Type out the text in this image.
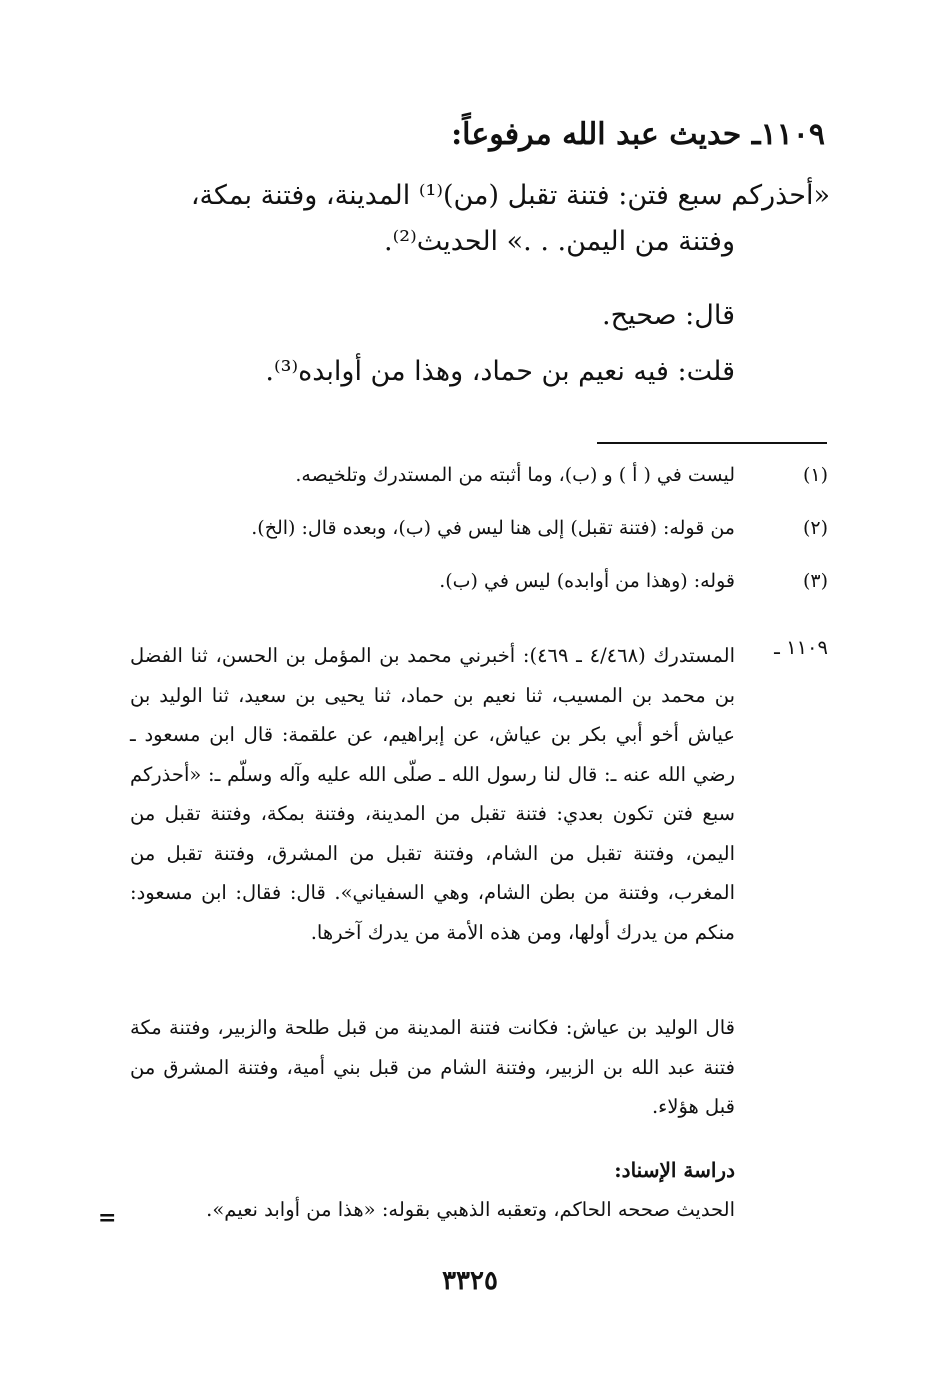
١١٠٩ـ حديث عبد الله مرفوعاً:
«أحذركم سبع فتن: فتنة تقبل (من)⁽¹⁾ المدينة، وفتنة بمكة،
وفتنة من اليمن. . .» الحديث⁽²⁾.
قال: صحيح.
قلت: فيه نعيم بن حماد، وهذا من أوابده⁽³⁾.
(١)
ليست في ( أ ) و (ب)، وما أثبته من المستدرك وتلخيصه.
(٢)
من قوله: (فتنة تقبل) إلى هنا ليس في (ب)، وبعده قال: (الخ).
(٣)
قوله: (وهذا من أوابده) ليس في (ب).
١١٠٩ ـ

المستدرك (٤/٤٦٨ ـ ٤٦٩): أخبرني محمد بن المؤمل بن الحسن، ثنا الفضل بن محمد بن المسيب، ثنا نعيم بن حماد، ثنا يحيى بن سعيد، ثنا الوليد بن عياش أخو أبي بكر بن عياش، عن إبراهيم، عن علقمة: قال ابن مسعود ـ رضي الله عنه ـ: قال لنا رسول الله ـ صلّى الله عليه وآله وسلّم ـ: «أحذركم سبع فتن تكون بعدي: فتنة تقبل من المدينة، وفتنة بمكة، وفتنة تقبل من اليمن، وفتنة تقبل من الشام، وفتنة تقبل من المشرق، وفتنة تقبل من المغرب، وفتنة من بطن الشام، وهي السفياني». قال: فقال: ابن مسعود: منكم من يدرك أولها، ومن هذه الأمة من يدرك آخرها.

قال الوليد بن عياش: فكانت فتنة المدينة من قبل طلحة والزبير، وفتنة مكة فتنة عبد الله بن الزبير، وفتنة الشام من قبل بني أمية، وفتنة المشرق من قبل هؤلاء.

دراسة الإسناد:
الحديث صححه الحاكم، وتعقبه الذهبي بقوله: «هذا من أوابد نعيم».
=
٣٣٢٥
